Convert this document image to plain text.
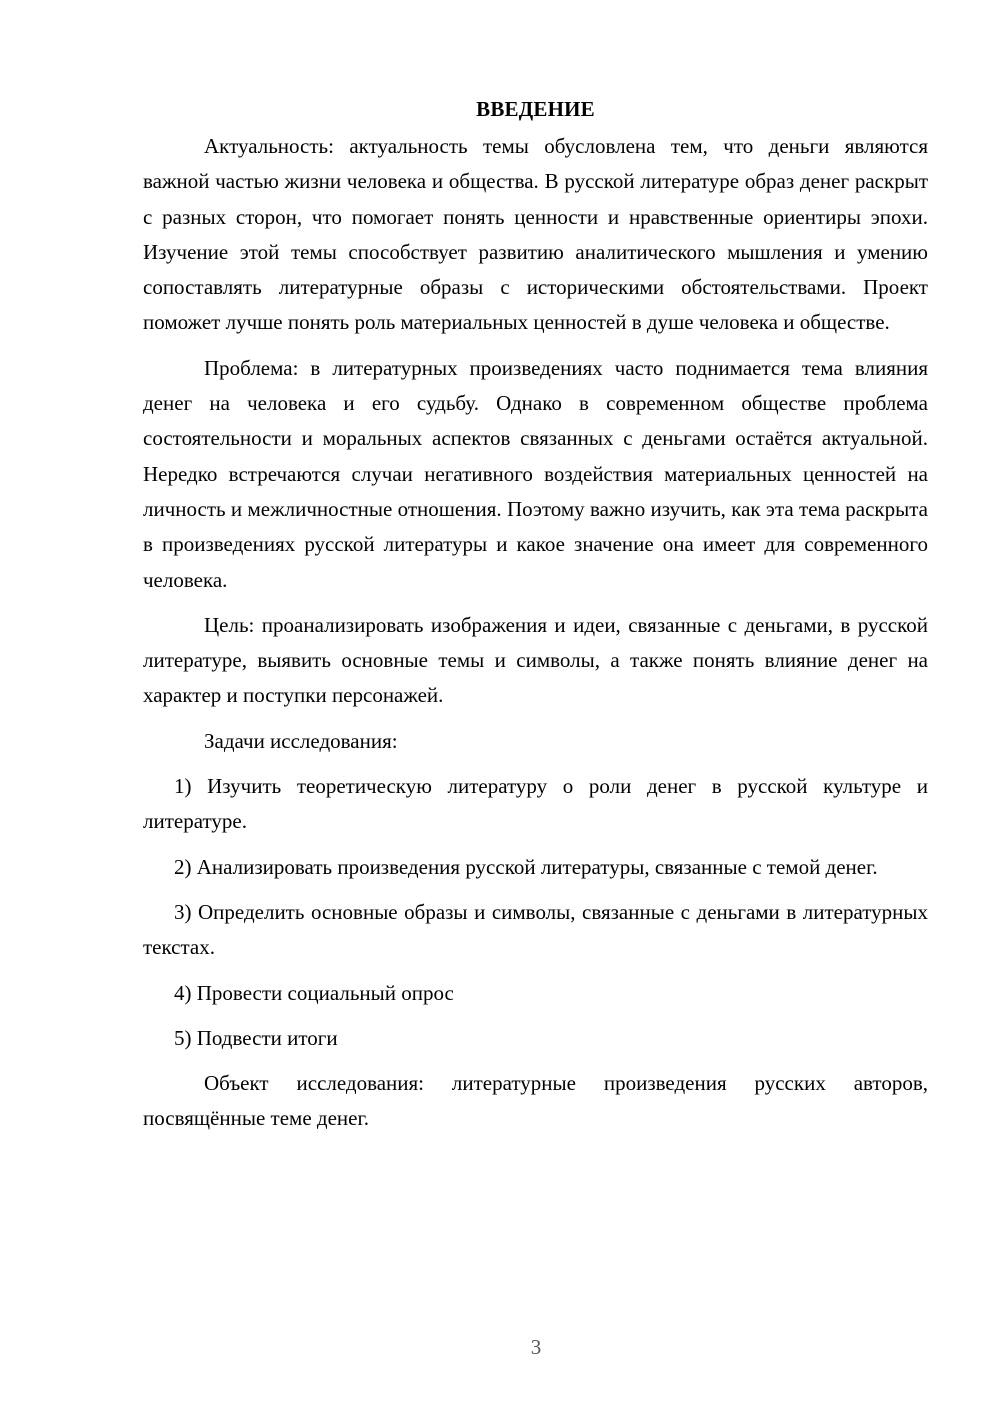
ВВЕДЕНИЕ

Актуальность: актуальность темы обусловлена тем, что деньги являются важной частью жизни человека и общества. В русской литературе образ денег раскрыт с разных сторон, что помогает понять ценности и нравственные ориентиры эпохи. Изучение этой темы способствует развитию аналитического мышления и умению сопоставлять литературные образы с историческими обстоятельствами. Проект поможет лучше понять роль материальных ценностей в душе человека и обществе.

Проблема: в литературных произведениях часто поднимается тема влияния денег на человека и его судьбу. Однако в современном обществе проблема состоятельности и моральных аспектов связанных с деньгами остаётся актуальной. Нередко встречаются случаи негативного воздействия материальных ценностей на личность и межличностные отношения. Поэтому важно изучить, как эта тема раскрыта в произведениях русской литературы и какое значение она имеет для современного человека.

Цель: проанализировать изображения и идеи, связанные с деньгами, в русской литературе, выявить основные темы и символы, а также понять влияние денег на характер и поступки персонажей.

Задачи исследования:

1) Изучить теоретическую литературу о роли денег в русской культуре и литературе.

2) Анализировать произведения русской литературы, связанные с темой денег.

3) Определить основные образы и символы, связанные с деньгами в литературных текстах.

4) Провести социальный опрос

5) Подвести итоги

Объект исследования: литературные произведения русских авторов, посвящённые теме денег.

3
